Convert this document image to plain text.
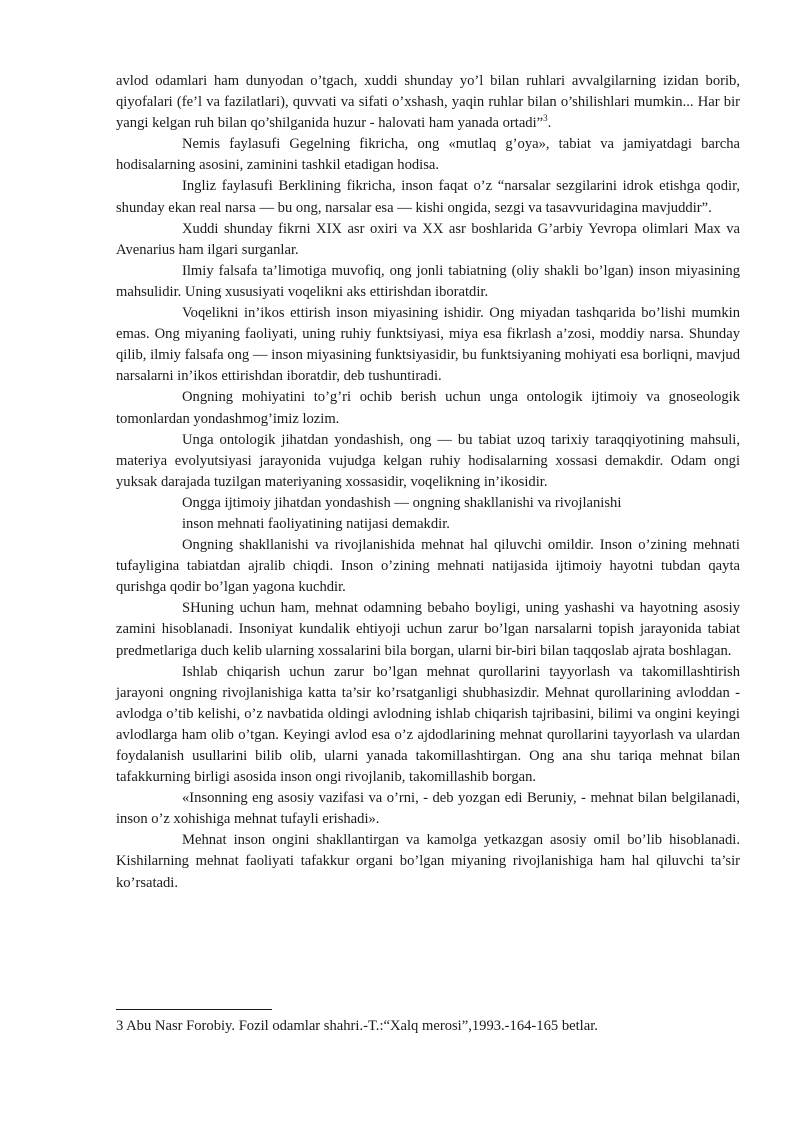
avlod odamlari ham dunyodan o’tgach, xuddi shunday yo’l bilan ruhlari avvalgilarning izidan borib, qiyofalari (fe’l va fazilatlari), quvvati va sifati o’xshash, yaqin ruhlar bilan o’shilishlari mumkin... Har bir yangi kelgan ruh bilan qo’shilganida huzur - halovati ham yanada ortadi”$^3$.

Nemis faylasufi Gegelning fikricha, ong «mutlaq g’oya», tabiat va jamiyatdagi barcha hodisalarning asosini, zaminini tashkil etadigan hodisa.

Ingliz faylasufi Berklining fikricha, inson faqat o’z “narsalar sezgilarini idrok etishga qodir, shunday ekan real narsa — bu ong, narsalar esa — kishi ongida, sezgi va tasavvuridagina mavjuddir”.

Xuddi shunday fikrni XIX asr oxiri va XX asr boshlarida G’arbiy Yevropa olimlari Max va Avenarius ham ilgari surganlar.

Ilmiy falsafa ta’limotiga muvofiq, ong jonli tabiatning (oliy shakli bo’lgan) inson miyasining mahsulidir. Uning xususiyati voqelikni aks ettirishdan iboratdir.

Voqelikni in’ikos ettirish inson miyasining ishidir. Ong miyadan tashqarida bo’lishi mumkin emas. Ong miyaning faoliyati, uning ruhiy funktsiyasi, miya esa fikrlash a’zosi, moddiy narsa. Shunday qilib, ilmiy falsafa ong — inson miyasining funktsiyasidir, bu funktsiyaning mohiyati esa borliqni, mavjud narsalarni in’ikos ettirishdan iboratdir, deb tushuntiradi.

Ongning mohiyatini to’g’ri ochib berish uchun unga ontologik ijtimoiy va gnoseologik tomonlardan yondashmog’imiz lozim.

Unga ontologik jihatdan yondashish, ong — bu tabiat uzoq tarixiy taraqqiyotining mahsuli, materiya evolyutsiyasi jarayonida vujudga kelgan ruhiy hodisalarning xossasi demakdir. Odam ongi yuksak darajada tuzilgan materiyaning xossasidir, voqelikning in’ikosidir.

Ongga ijtimoiy jihatdan yondashish — ongning shakllanishi va rivojlanishi

inson mehnati faoliyatining natijasi demakdir.

Ongning shakllanishi va rivojlanishida mehnat hal qiluvchi omildir. Inson o’zining mehnati tufayligina tabiatdan ajralib chiqdi. Inson o’zining mehnati natijasida ijtimoiy hayotni tubdan qayta qurishga qodir bo’lgan yagona kuchdir.

SHuning uchun ham, mehnat odamning bebaho boyligi, uning yashashi va hayotning asosiy zamini hisoblanadi. Insoniyat kundalik ehtiyoji uchun zarur bo’lgan narsalarni topish jarayonida tabiat predmetlariga duch kelib ularning xossalarini bila borgan, ularni bir-biri bilan taqqoslab ajrata boshlagan.

Ishlab chiqarish uchun zarur bo’lgan mehnat qurollarini tayyorlash va takomillashtirish jarayoni ongning rivojlanishiga katta ta’sir ko’rsatganligi shubhasizdir. Mehnat qurollarining avloddan - avlodga o’tib kelishi, o’z navbatida oldingi avlodning ishlab chiqarish tajribasini, bilimi va ongini keyingi avlodlarga ham olib o’tgan. Keyingi avlod esa o’z ajdodlarining mehnat qurollarini tayyorlash va ulardan foydalanish usullarini bilib olib, ularni yanada takomillashtirgan. Ong ana shu tariqa mehnat bilan tafakkurning birligi asosida inson ongi rivojlanib, takomillashib borgan.

«Insonning eng asosiy vazifasi va o’rni, - deb yozgan edi Beruniy, - mehnat bilan belgilanadi, inson o’z xohishiga mehnat tufayli erishadi».

Mehnat inson ongini shakllantirgan va kamolga yetkazgan asosiy omil bo’lib hisoblanadi. Kishilarning mehnat faoliyati tafakkur organi bo’lgan miyaning rivojlanishiga ham hal qiluvchi ta’sir ko’rsatadi.

3 Abu Nasr Forobiy. Fozil odamlar shahri.-T.:“Xalq merosi”,1993.-164-165 betlar.
